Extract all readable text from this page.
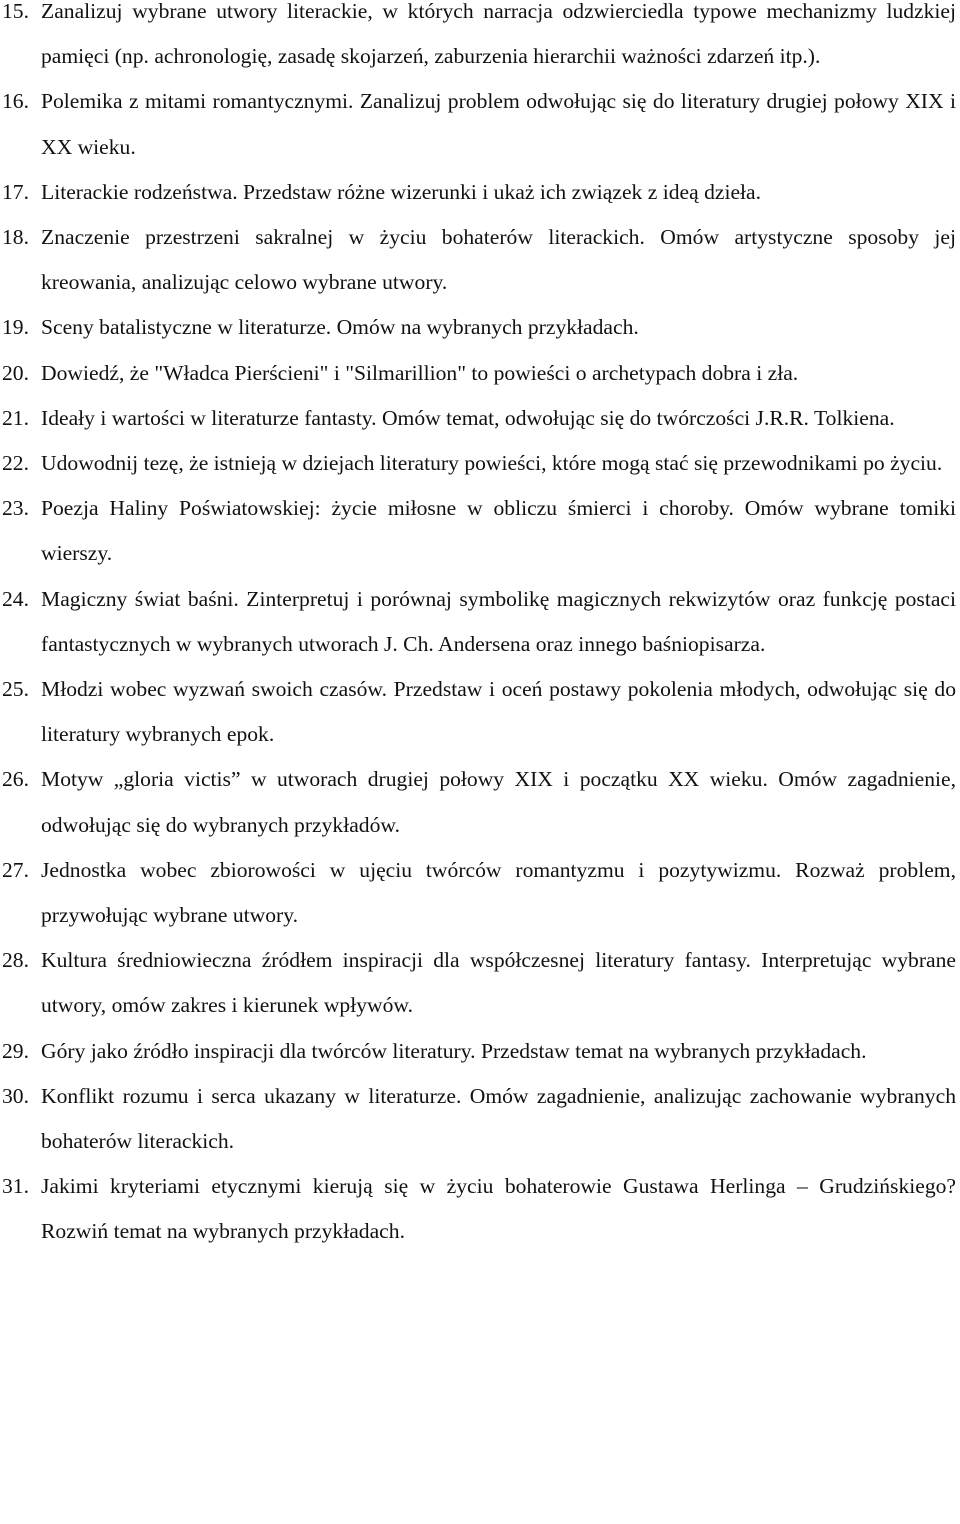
15. Zanalizuj wybrane utwory literackie, w których narracja odzwierciedla typowe mechanizmy ludzkiej pamięci (np. achronologię, zasadę skojarzeń, zaburzenia hierarchii ważności zdarzeń itp.).
16. Polemika z mitami romantycznymi. Zanalizuj problem odwołując się do literatury drugiej połowy XIX i XX wieku.
17. Literackie rodzeństwa. Przedstaw różne wizerunki i ukaż ich związek z ideą dzieła.
18. Znaczenie przestrzeni sakralnej w życiu bohaterów literackich. Omów artystyczne sposoby jej kreowania, analizując celowo wybrane utwory.
19. Sceny batalistyczne w literaturze. Omów na wybranych przykładach.
20. Dowiedź, że "Władca Pierścieni" i "Silmarillion" to powieści o archetypach dobra i zła.
21. Ideały i wartości w literaturze fantasty. Omów temat, odwołując się do twórczości J.R.R. Tolkiena.
22. Udowodnij tezę, że istnieją w dziejach literatury powieści, które mogą stać się przewodnikami po życiu.
23. Poezja Haliny Poświatowskiej: życie miłosne w obliczu śmierci i choroby. Omów wybrane tomiki wierszy.
24. Magiczny świat baśni. Zinterpretuj i porównaj symbolikę magicznych rekwizytów oraz funkcję postaci fantastycznych w wybranych utworach J. Ch. Andersena oraz innego baśniopisarza.
25. Młodzi wobec wyzwań swoich czasów. Przedstaw i oceń postawy pokolenia młodych, odwołując się do literatury wybranych epok.
26. Motyw „gloria victis” w utworach drugiej połowy XIX i początku XX wieku. Omów zagadnienie, odwołując się do wybranych przykładów.
27. Jednostka wobec zbiorowości w ujęciu twórców romantyzmu i pozytywizmu. Rozważ problem, przywołując wybrane utwory.
28. Kultura średniowieczna źródłem inspiracji dla współczesnej literatury fantasy. Interpretując wybrane utwory, omów zakres i kierunek wpływów.
29. Góry jako źródło inspiracji dla twórców literatury. Przedstaw temat na wybranych przykładach.
30. Konflikt rozumu i serca ukazany w literaturze. Omów zagadnienie, analizując zachowanie wybranych bohaterów literackich.
31. Jakimi kryteriami etycznymi kierują się w życiu bohaterowie Gustawa Herlinga – Grudzińskiego? Rozwiń temat na wybranych przykładach.
